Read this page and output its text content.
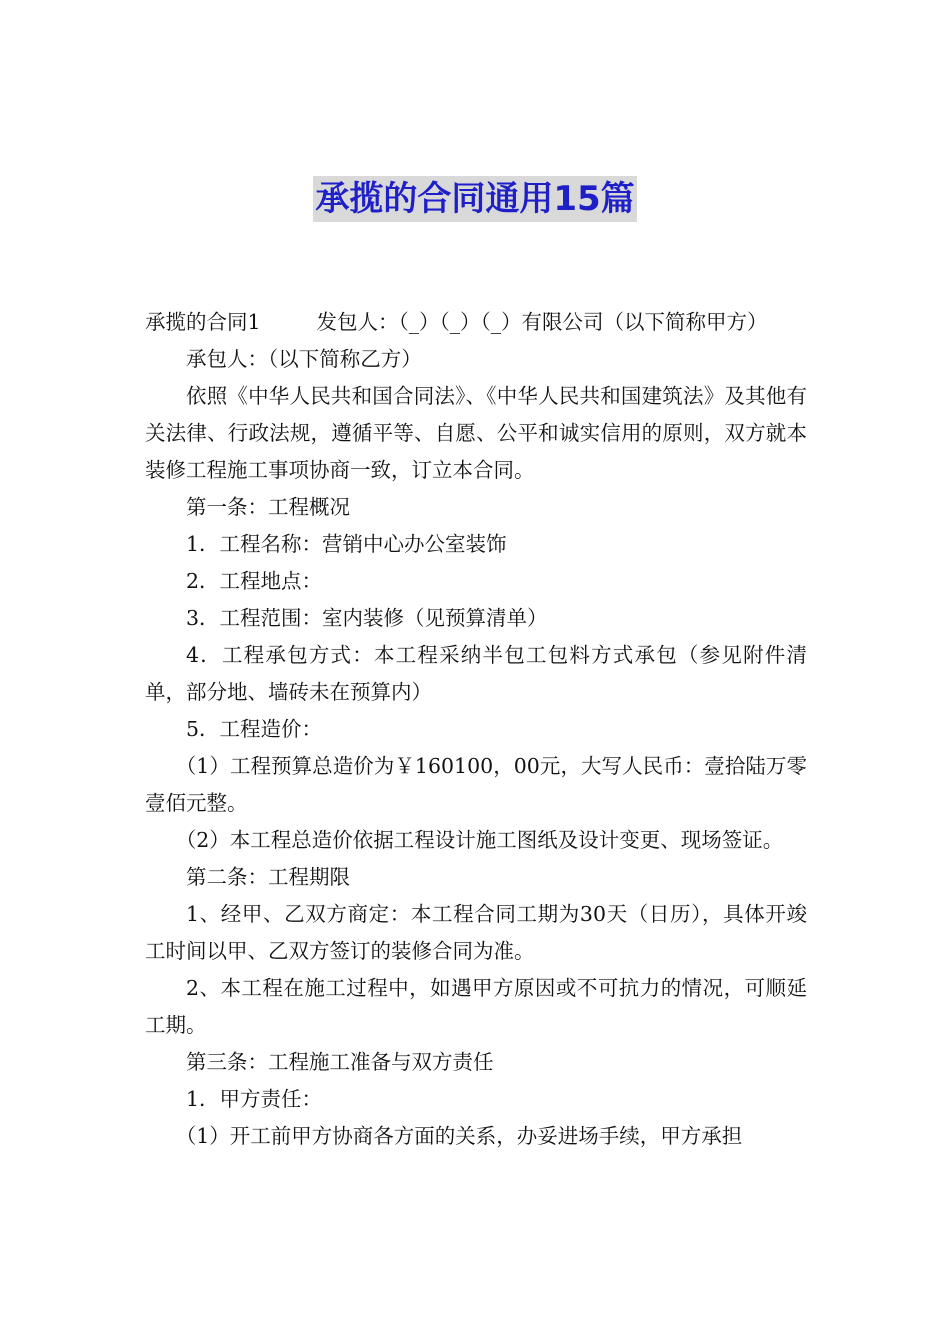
承揽的合同通用15篇

承揽的合同1	发包人：（_）（_）（_）有限公司（以下简称甲方）

承包人：（以下简称乙方）

依照《中华人民共和国合同法》、《中华人民共和国建筑法》及其他有关法律、行政法规，遵循平等、自愿、公平和诚实信用的原则，双方就本装修工程施工事项协商一致，订立本合同。

第一条：工程概况

1．工程名称：营销中心办公室装饰

2．工程地点：

3．工程范围：室内装修（见预算清单）

4．工程承包方式：本工程采纳半包工包料方式承包（参见附件清单，部分地、墙砖未在预算内）

5．工程造价：

（1）工程预算总造价为￥160100，00元，大写人民币：壹拾陆万零壹佰元整。

（2）本工程总造价依据工程设计施工图纸及设计变更、现场签证。

第二条：工程期限

1、经甲、乙双方商定：本工程合同工期为30天（日历），具体开竣工时间以甲、乙双方签订的装修合同为准。

2、本工程在施工过程中，如遇甲方原因或不可抗力的情况，可顺延工期。

第三条：工程施工准备与双方责任

1．甲方责任：

（1）开工前甲方协商各方面的关系，办妥进场手续，甲方承担
